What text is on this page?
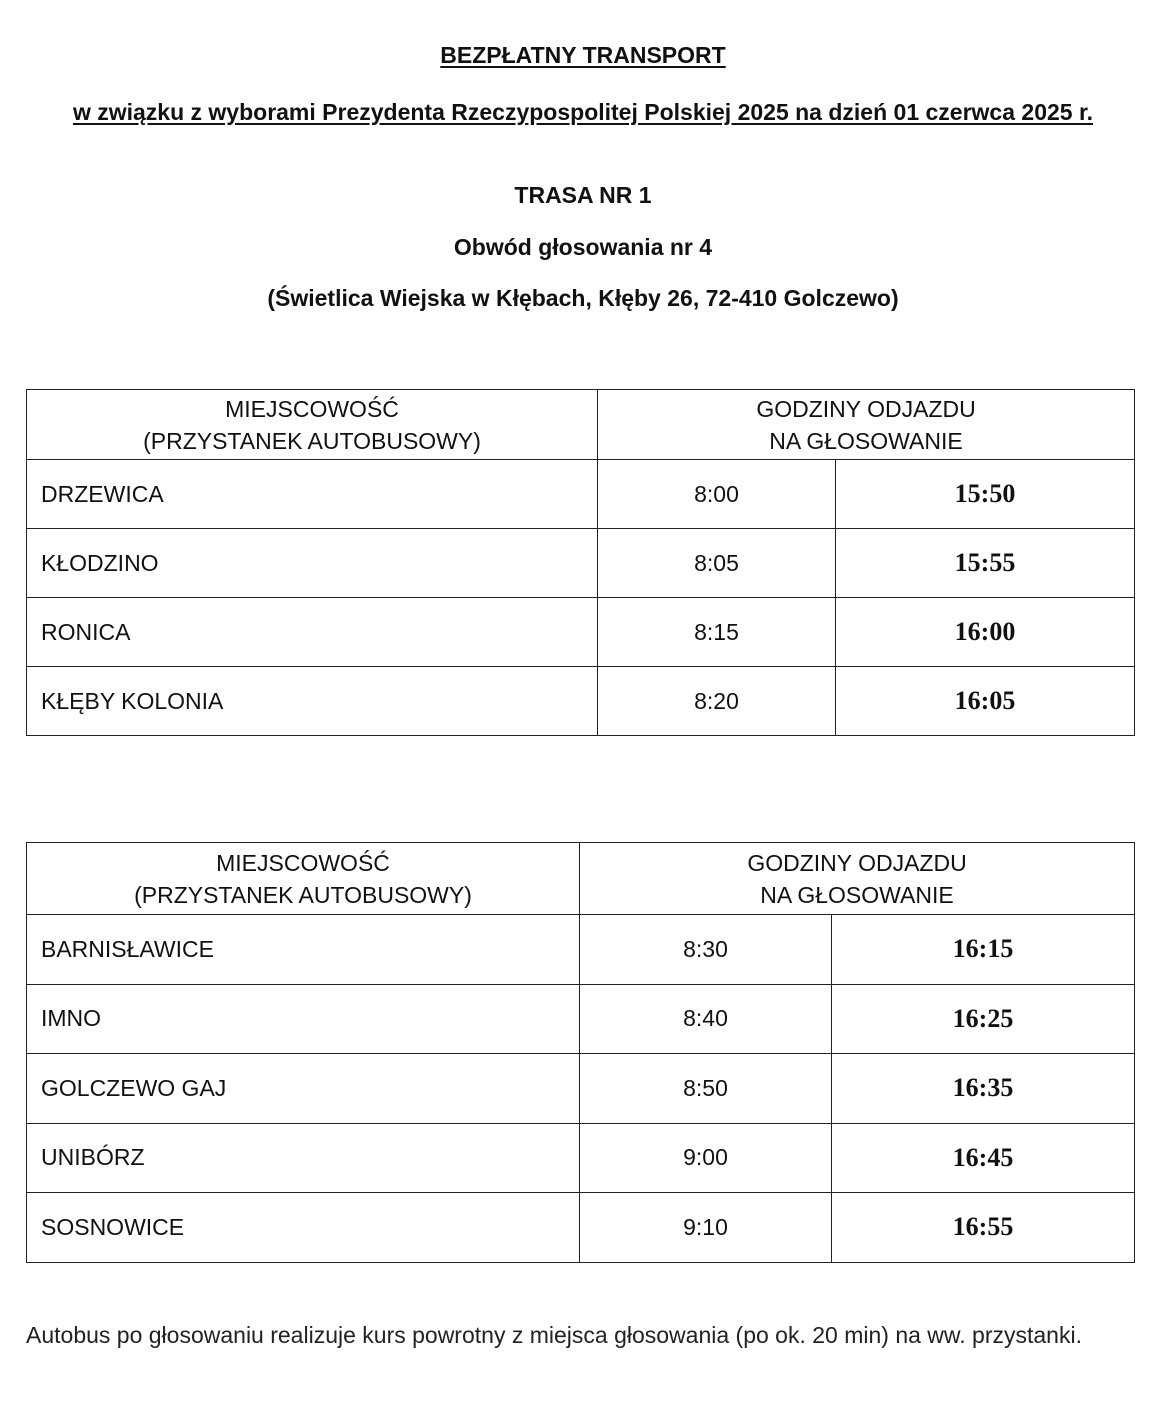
BEZPŁATNY TRANSPORT
w związku z wyborami Prezydenta Rzeczypospolitej Polskiej 2025 na dzień 01 czerwca 2025 r.
TRASA NR 1
Obwód głosowania nr 4
(Świetlica Wiejska w Kłębach, Kłęby 26, 72-410 Golczewo)
MIEJSCOWOŚĆ
(PRZYSTANEK AUTOBUSOWY)	GODZINY ODJAZDU
NA GŁOSOWANIE	

DRZEWICA	8:00	15:50
KŁODZINO	8:05	15:55
RONICA	8:15	16:00
KŁĘBY KOLONIA	8:20	16:05
MIEJSCOWOŚĆ
(PRZYSTANEK AUTOBUSOWY)	GODZINY ODJAZDU
NA GŁOSOWANIE	

BARNISŁAWICE	8:30	16:15
IMNO	8:40	16:25
GOLCZEWO GAJ	8:50	16:35
UNIBÓRZ	9:00	16:45
SOSNOWICE	9:10	16:55
Autobus po głosowaniu realizuje kurs powrotny z miejsca głosowania (po ok. 20 min) na ww. przystanki.
